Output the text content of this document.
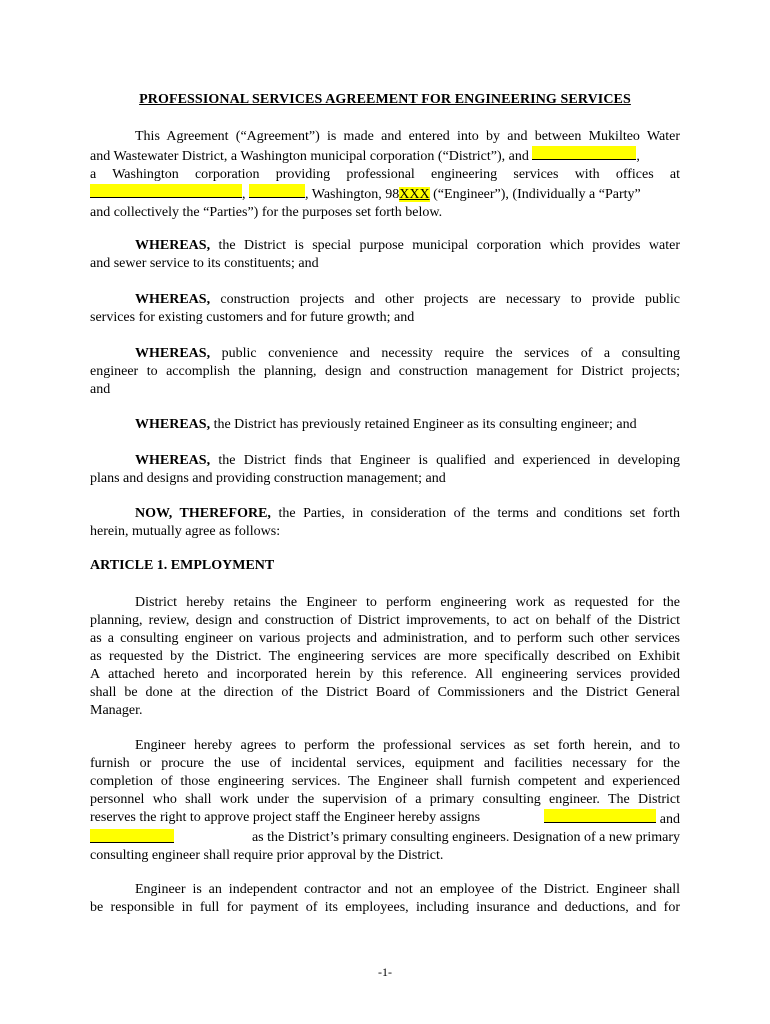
PROFESSIONAL SERVICES AGREEMENT FOR ENGINEERING SERVICES
This Agreement (“Agreement”) is made and entered into by and between Mukilteo Water
and Wastewater District, a Washington municipal corporation (“District”), and	,
a Washington corporation providing professional engineering services with offices at
,	, Washington, 98XXX (“Engineer”), (Individually a “Party”
and collectively the “Parties”) for the purposes set forth below.
WHEREAS, the District is special purpose municipal corporation which provides water
and sewer service to its constituents; and
WHEREAS, construction projects and other projects are necessary to provide public
services for existing customers and for future growth; and
WHEREAS, public convenience and necessity require the services of a consulting
engineer to accomplish the planning, design and construction management for District projects;
and
WHEREAS, the District has previously retained Engineer as its consulting engineer; and
WHEREAS, the District finds that Engineer is qualified and experienced in developing
plans and designs and providing construction management; and
NOW, THEREFORE, the Parties, in consideration of the terms and conditions set forth
herein, mutually agree as follows:
ARTICLE 1. EMPLOYMENT
District hereby retains the Engineer to perform engineering work as requested for the
planning, review, design and construction of District improvements, to act on behalf of the District
as a consulting engineer on various projects and administration, and to perform such other services
as requested by the District. The engineering services are more specifically described on Exhibit
A attached hereto and incorporated herein by this reference. All engineering services provided
shall be done at the direction of the District Board of Commissioners and the District General
Manager.
Engineer hereby agrees to perform the professional services as set forth herein, and to
furnish or procure the use of incidental services, equipment and facilities necessary for the
completion of those engineering services. The Engineer shall furnish competent and experienced
personnel who shall work under the supervision of a primary consulting engineer. The District
reserves the right to approve project staff the Engineer hereby assigns	and
as the District’s primary consulting engineers. Designation of a new primary
consulting engineer shall require prior approval by the District.
Engineer is an independent contractor and not an employee of the District. Engineer shall
be responsible in full for payment of its employees, including insurance and deductions, and for
-1-
